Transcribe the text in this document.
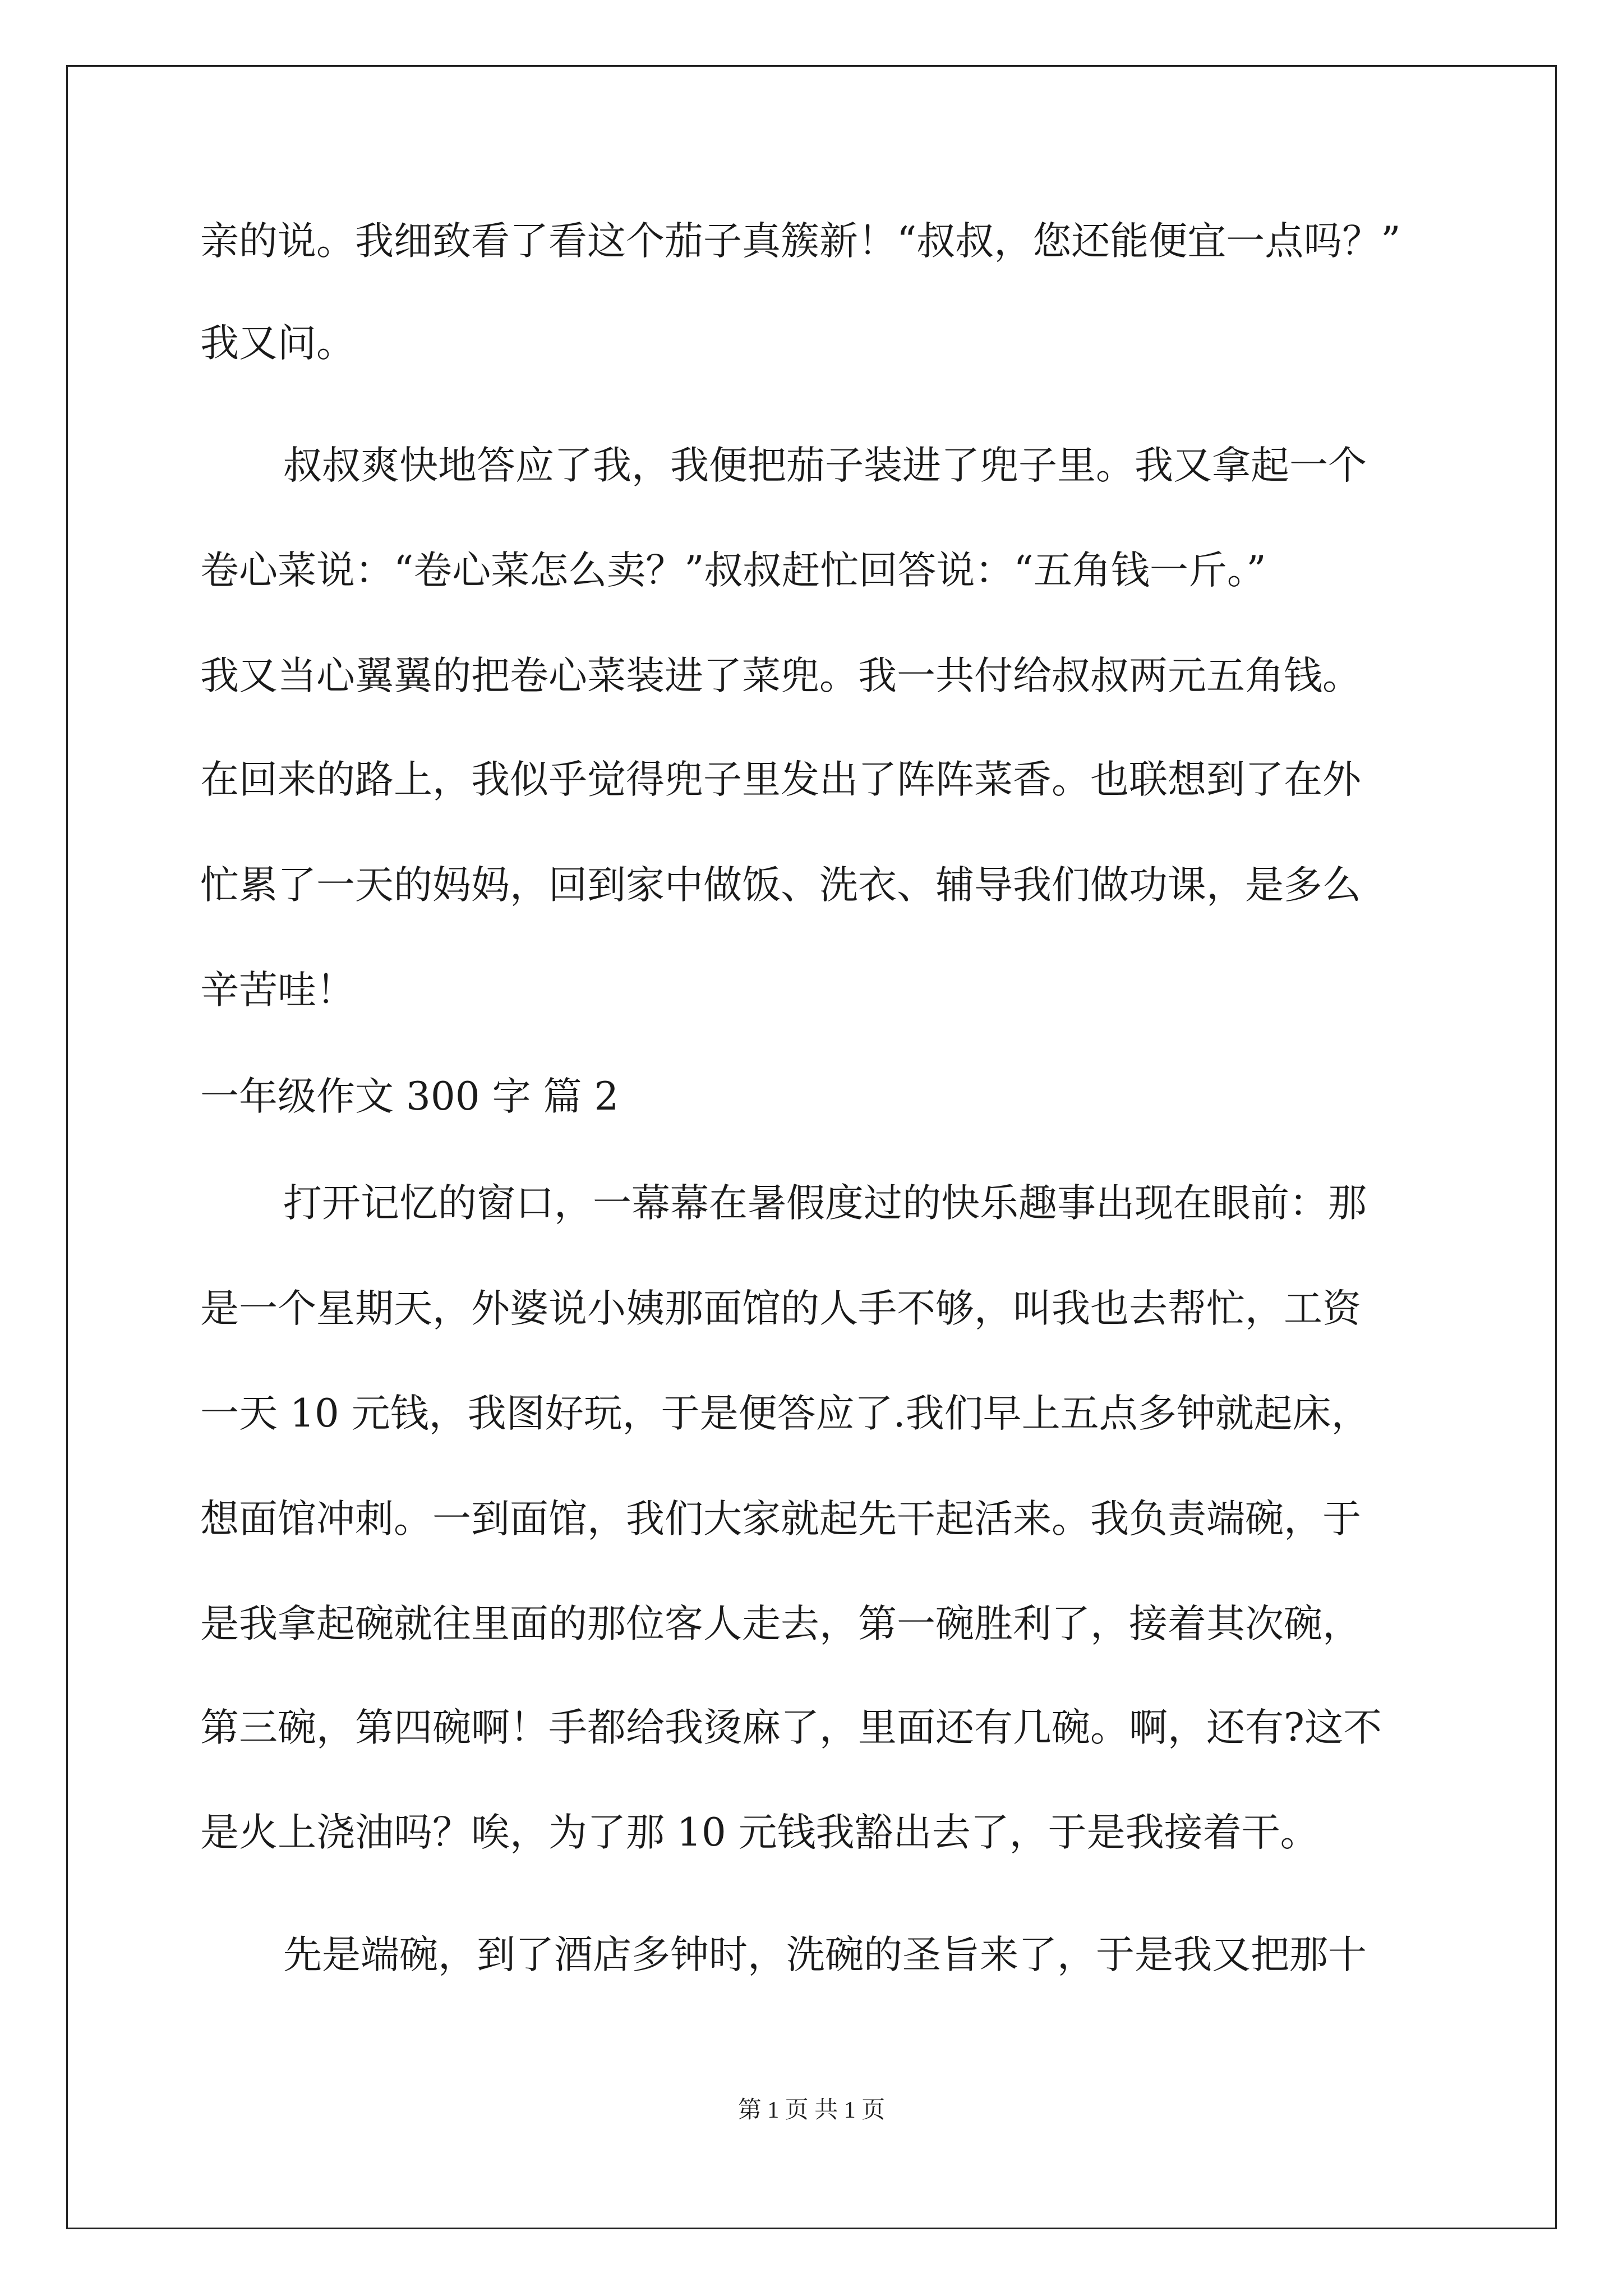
亲的说。我细致看了看这个茄子真簇新！“叔叔，您还能便宜一点吗？”

我又问。

叔叔爽快地答应了我，我便把茄子装进了兜子里。我又拿起一个

卷心菜说：“卷心菜怎么卖？”叔叔赶忙回答说：“五角钱一斤。”

我又当心翼翼的把卷心菜装进了菜兜。我一共付给叔叔两元五角钱。

在回来的路上，我似乎觉得兜子里发出了阵阵菜香。也联想到了在外

忙累了一天的妈妈，回到家中做饭、洗衣、辅导我们做功课，是多么

辛苦哇！

一年级作文 300 字 篇 2

打开记忆的窗口，一幕幕在暑假度过的快乐趣事出现在眼前：那

是一个星期天，外婆说小姨那面馆的人手不够，叫我也去帮忙，工资

一天 10 元钱，我图好玩，于是便答应了.我们早上五点多钟就起床，

想面馆冲刺。一到面馆，我们大家就起先干起活来。我负责端碗，于

是我拿起碗就往里面的那位客人走去，第一碗胜利了，接着其次碗，

第三碗，第四碗啊！手都给我烫麻了，里面还有几碗。啊，还有?这不

是火上浇油吗？唉，为了那 10 元钱我豁出去了，于是我接着干。

先是端碗，到了酒店多钟时，洗碗的圣旨来了，于是我又把那十

第 1 页 共 1 页
